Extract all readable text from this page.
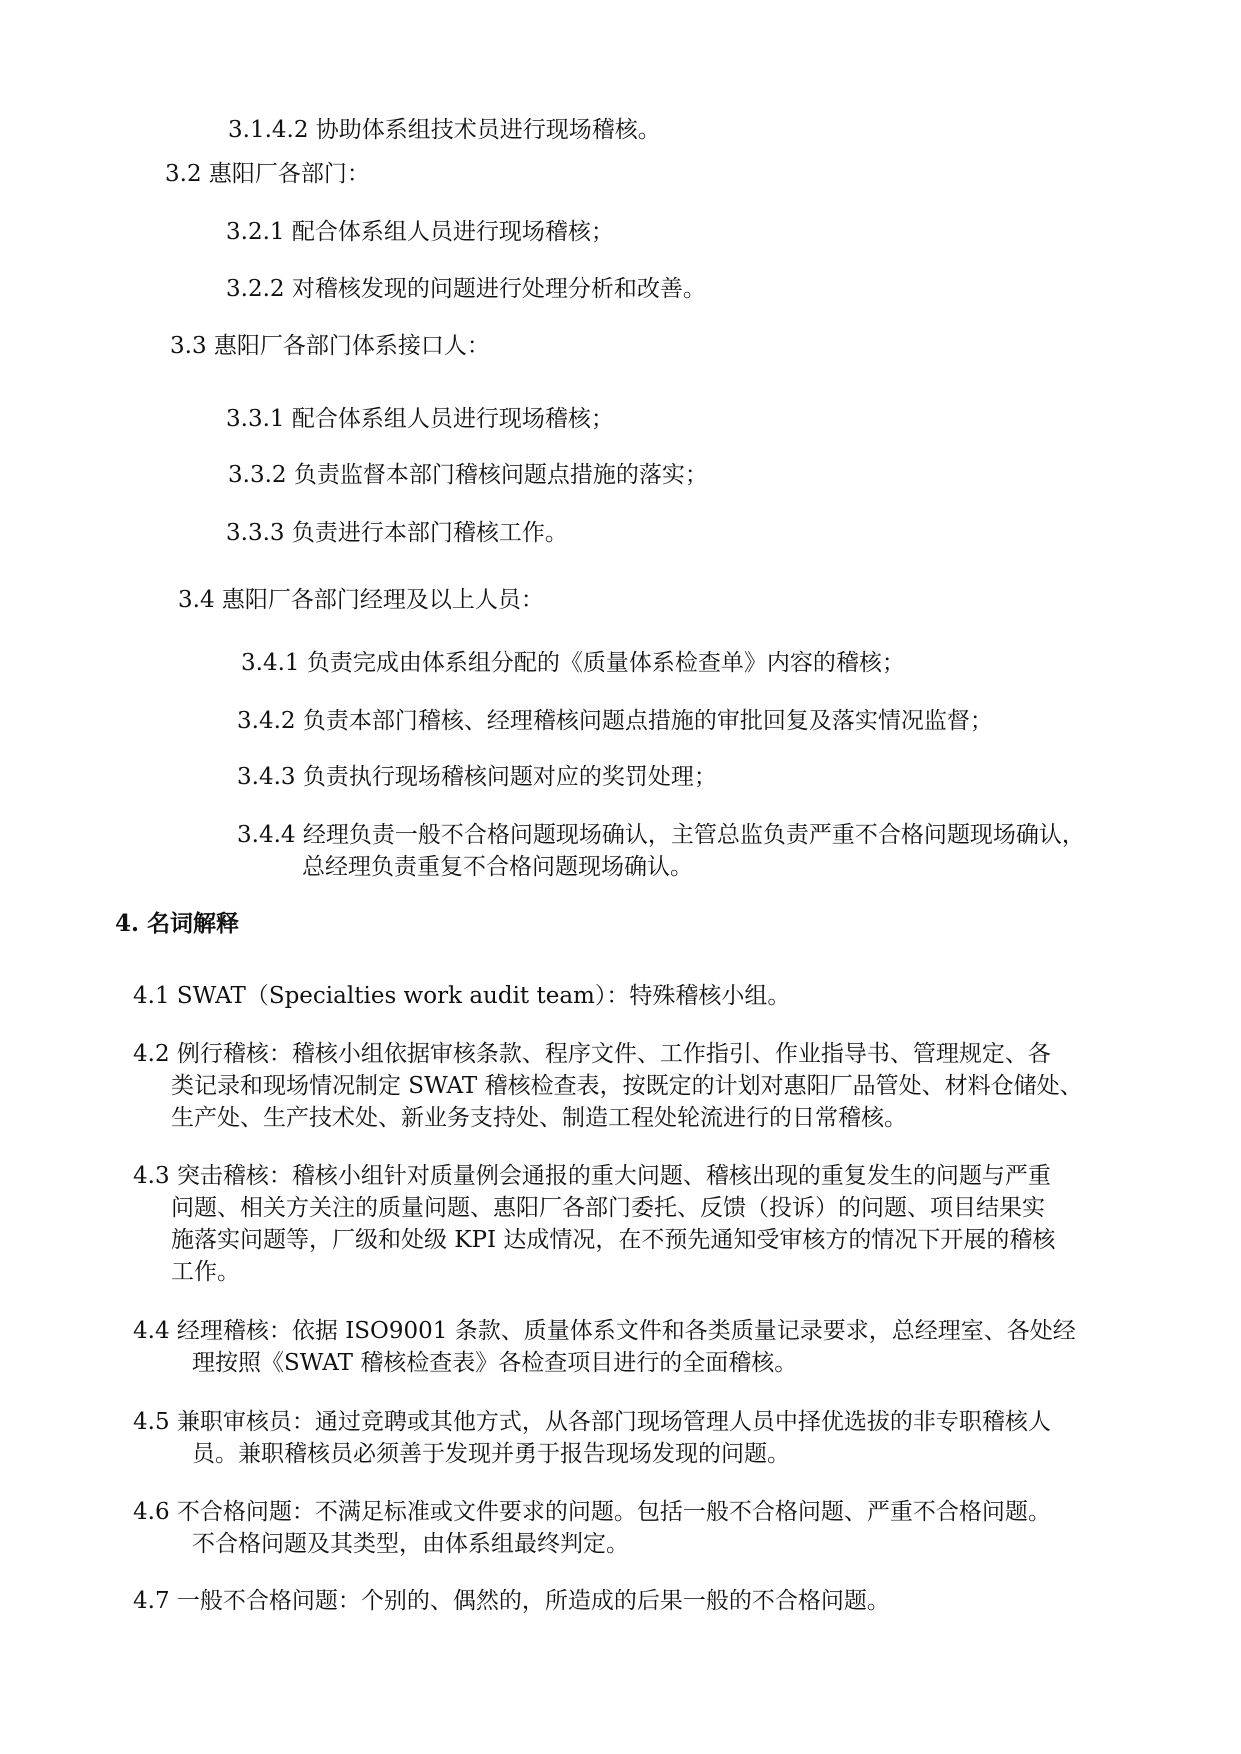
3.1.4.2 协助体系组技术员进行现场稽核。
3.2 惠阳厂各部门：
3.2.1 配合体系组人员进行现场稽核；
3.2.2 对稽核发现的问题进行处理分析和改善。
3.3 惠阳厂各部门体系接口人：
3.3.1 配合体系组人员进行现场稽核；
3.3.2 负责监督本部门稽核问题点措施的落实；
3.3.3 负责进行本部门稽核工作。
3.4 惠阳厂各部门经理及以上人员：
3.4.1 负责完成由体系组分配的《质量体系检查单》内容的稽核；
3.4.2 负责本部门稽核、经理稽核问题点措施的审批回复及落实情况监督；
3.4.3 负责执行现场稽核问题对应的奖罚处理；
3.4.4 经理负责一般不合格问题现场确认，主管总监负责严重不合格问题现场确认，
总经理负责重复不合格问题现场确认。
4. 名词解释
4.1 SWAT（Specialties work audit team）：特殊稽核小组。
4.2 例行稽核：稽核小组依据审核条款、程序文件、工作指引、作业指导书、管理规定、各
类记录和现场情况制定 SWAT 稽核检查表，按既定的计划对惠阳厂品管处、材料仓储处、
生产处、生产技术处、新业务支持处、制造工程处轮流进行的日常稽核。
4.3 突击稽核：稽核小组针对质量例会通报的重大问题、稽核出现的重复发生的问题与严重
问题、相关方关注的质量问题、惠阳厂各部门委托、反馈（投诉）的问题、项目结果实
施落实问题等，厂级和处级 KPI 达成情况，在不预先通知受审核方的情况下开展的稽核
工作。
4.4 经理稽核：依据 ISO9001 条款、质量体系文件和各类质量记录要求，总经理室、各处经
理按照《SWAT 稽核检查表》各检查项目进行的全面稽核。
4.5 兼职审核员：通过竞聘或其他方式，从各部门现场管理人员中择优选拔的非专职稽核人
员。兼职稽核员必须善于发现并勇于报告现场发现的问题。
4.6 不合格问题：不满足标准或文件要求的问题。包括一般不合格问题、严重不合格问题。
不合格问题及其类型，由体系组最终判定。
4.7 一般不合格问题：个别的、偶然的，所造成的后果一般的不合格问题。
